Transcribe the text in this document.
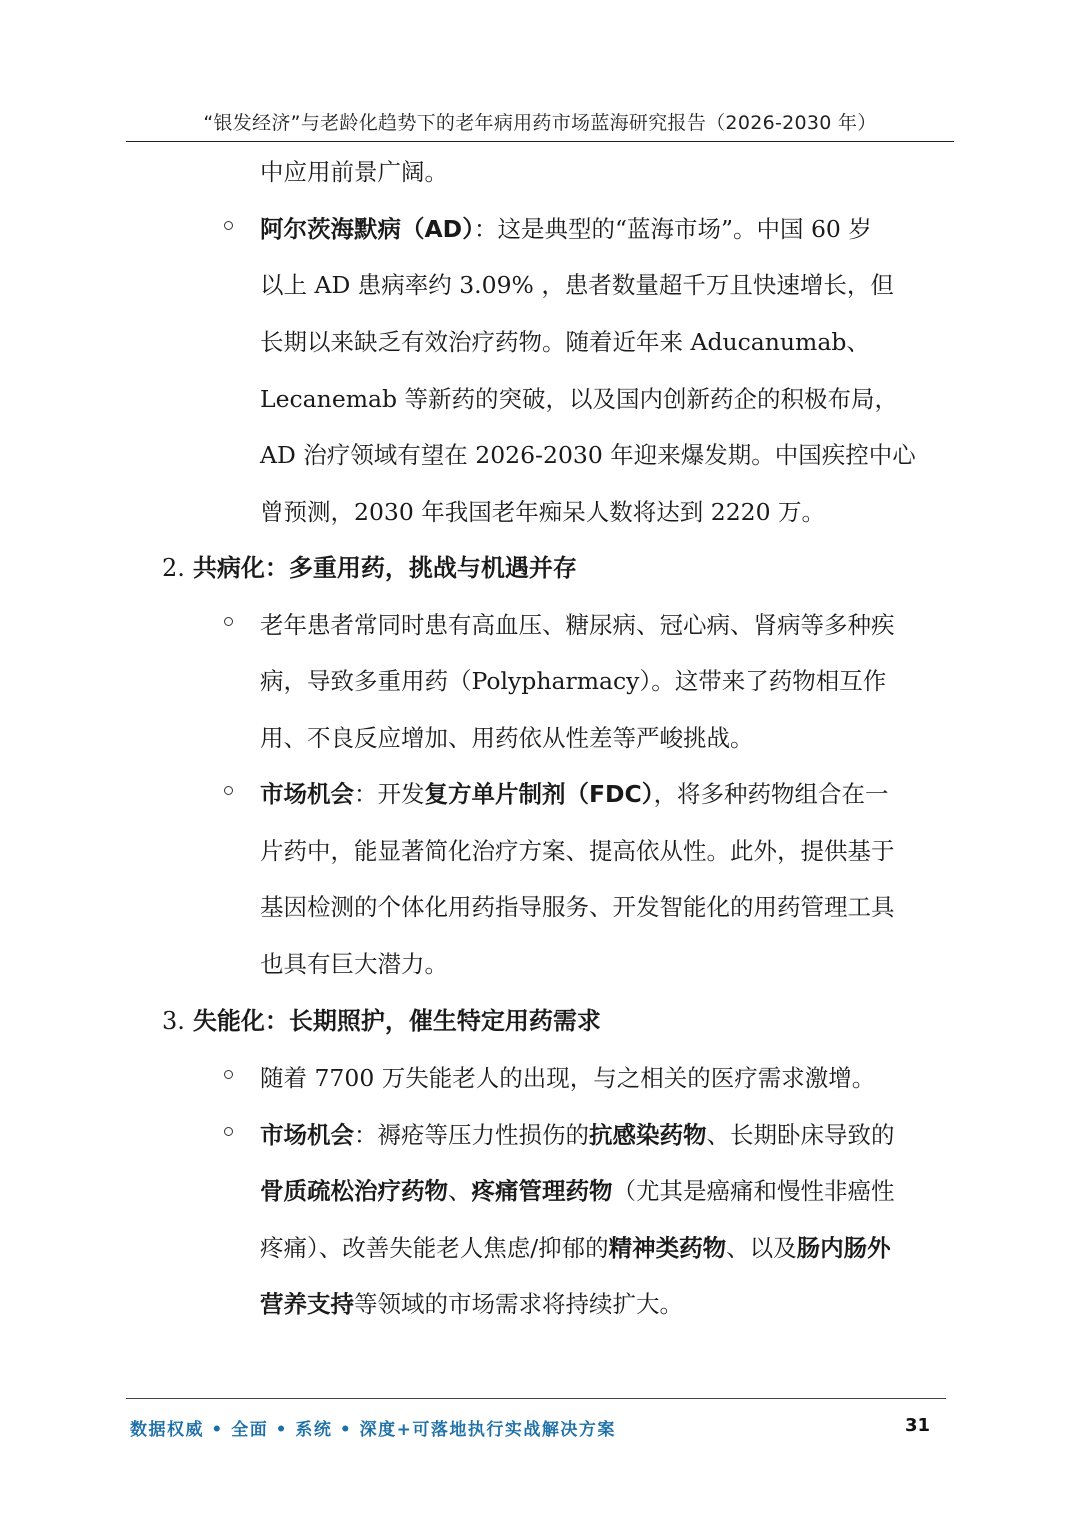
“银发经济”与老龄化趋势下的老年病用药市场蓝海研究报告（2026-2030 年）
中应用前景广阔。
阿尔茨海默病（AD）：这是典型的“蓝海市场”。中国 60 岁
以上 AD 患病率约 3.09% ，患者数量超千万且快速增长，但
长期以来缺乏有效治疗药物。随着近年来 Aducanumab、
Lecanemab 等新药的突破，以及国内创新药企的积极布局，
AD 治疗领域有望在 2026-2030 年迎来爆发期。中国疾控中心
曾预测，2030 年我国老年痴呆人数将达到 2220 万。
2. 共病化：多重用药，挑战与机遇并存
老年患者常同时患有高血压、糖尿病、冠心病、肾病等多种疾
病，导致多重用药（Polypharmacy）。这带来了药物相互作
用、不良反应增加、用药依从性差等严峻挑战。
市场机会：开发复方单片制剂（FDC），将多种药物组合在一
片药中，能显著简化治疗方案、提高依从性。此外，提供基于
基因检测的个体化用药指导服务、开发智能化的用药管理工具
也具有巨大潜力。
3. 失能化：长期照护，催生特定用药需求
随着 7700 万失能老人的出现，与之相关的医疗需求激增。
市场机会：褥疮等压力性损伤的抗感染药物、长期卧床导致的
骨质疏松治疗药物、疼痛管理药物（尤其是癌痛和慢性非癌性
疼痛）、改善失能老人焦虑/抑郁的精神类药物、以及肠内肠外
营养支持等领域的市场需求将持续扩大。
数据权威 • 全面 • 系统 • 深度+可落地执行实战解决方案	31
